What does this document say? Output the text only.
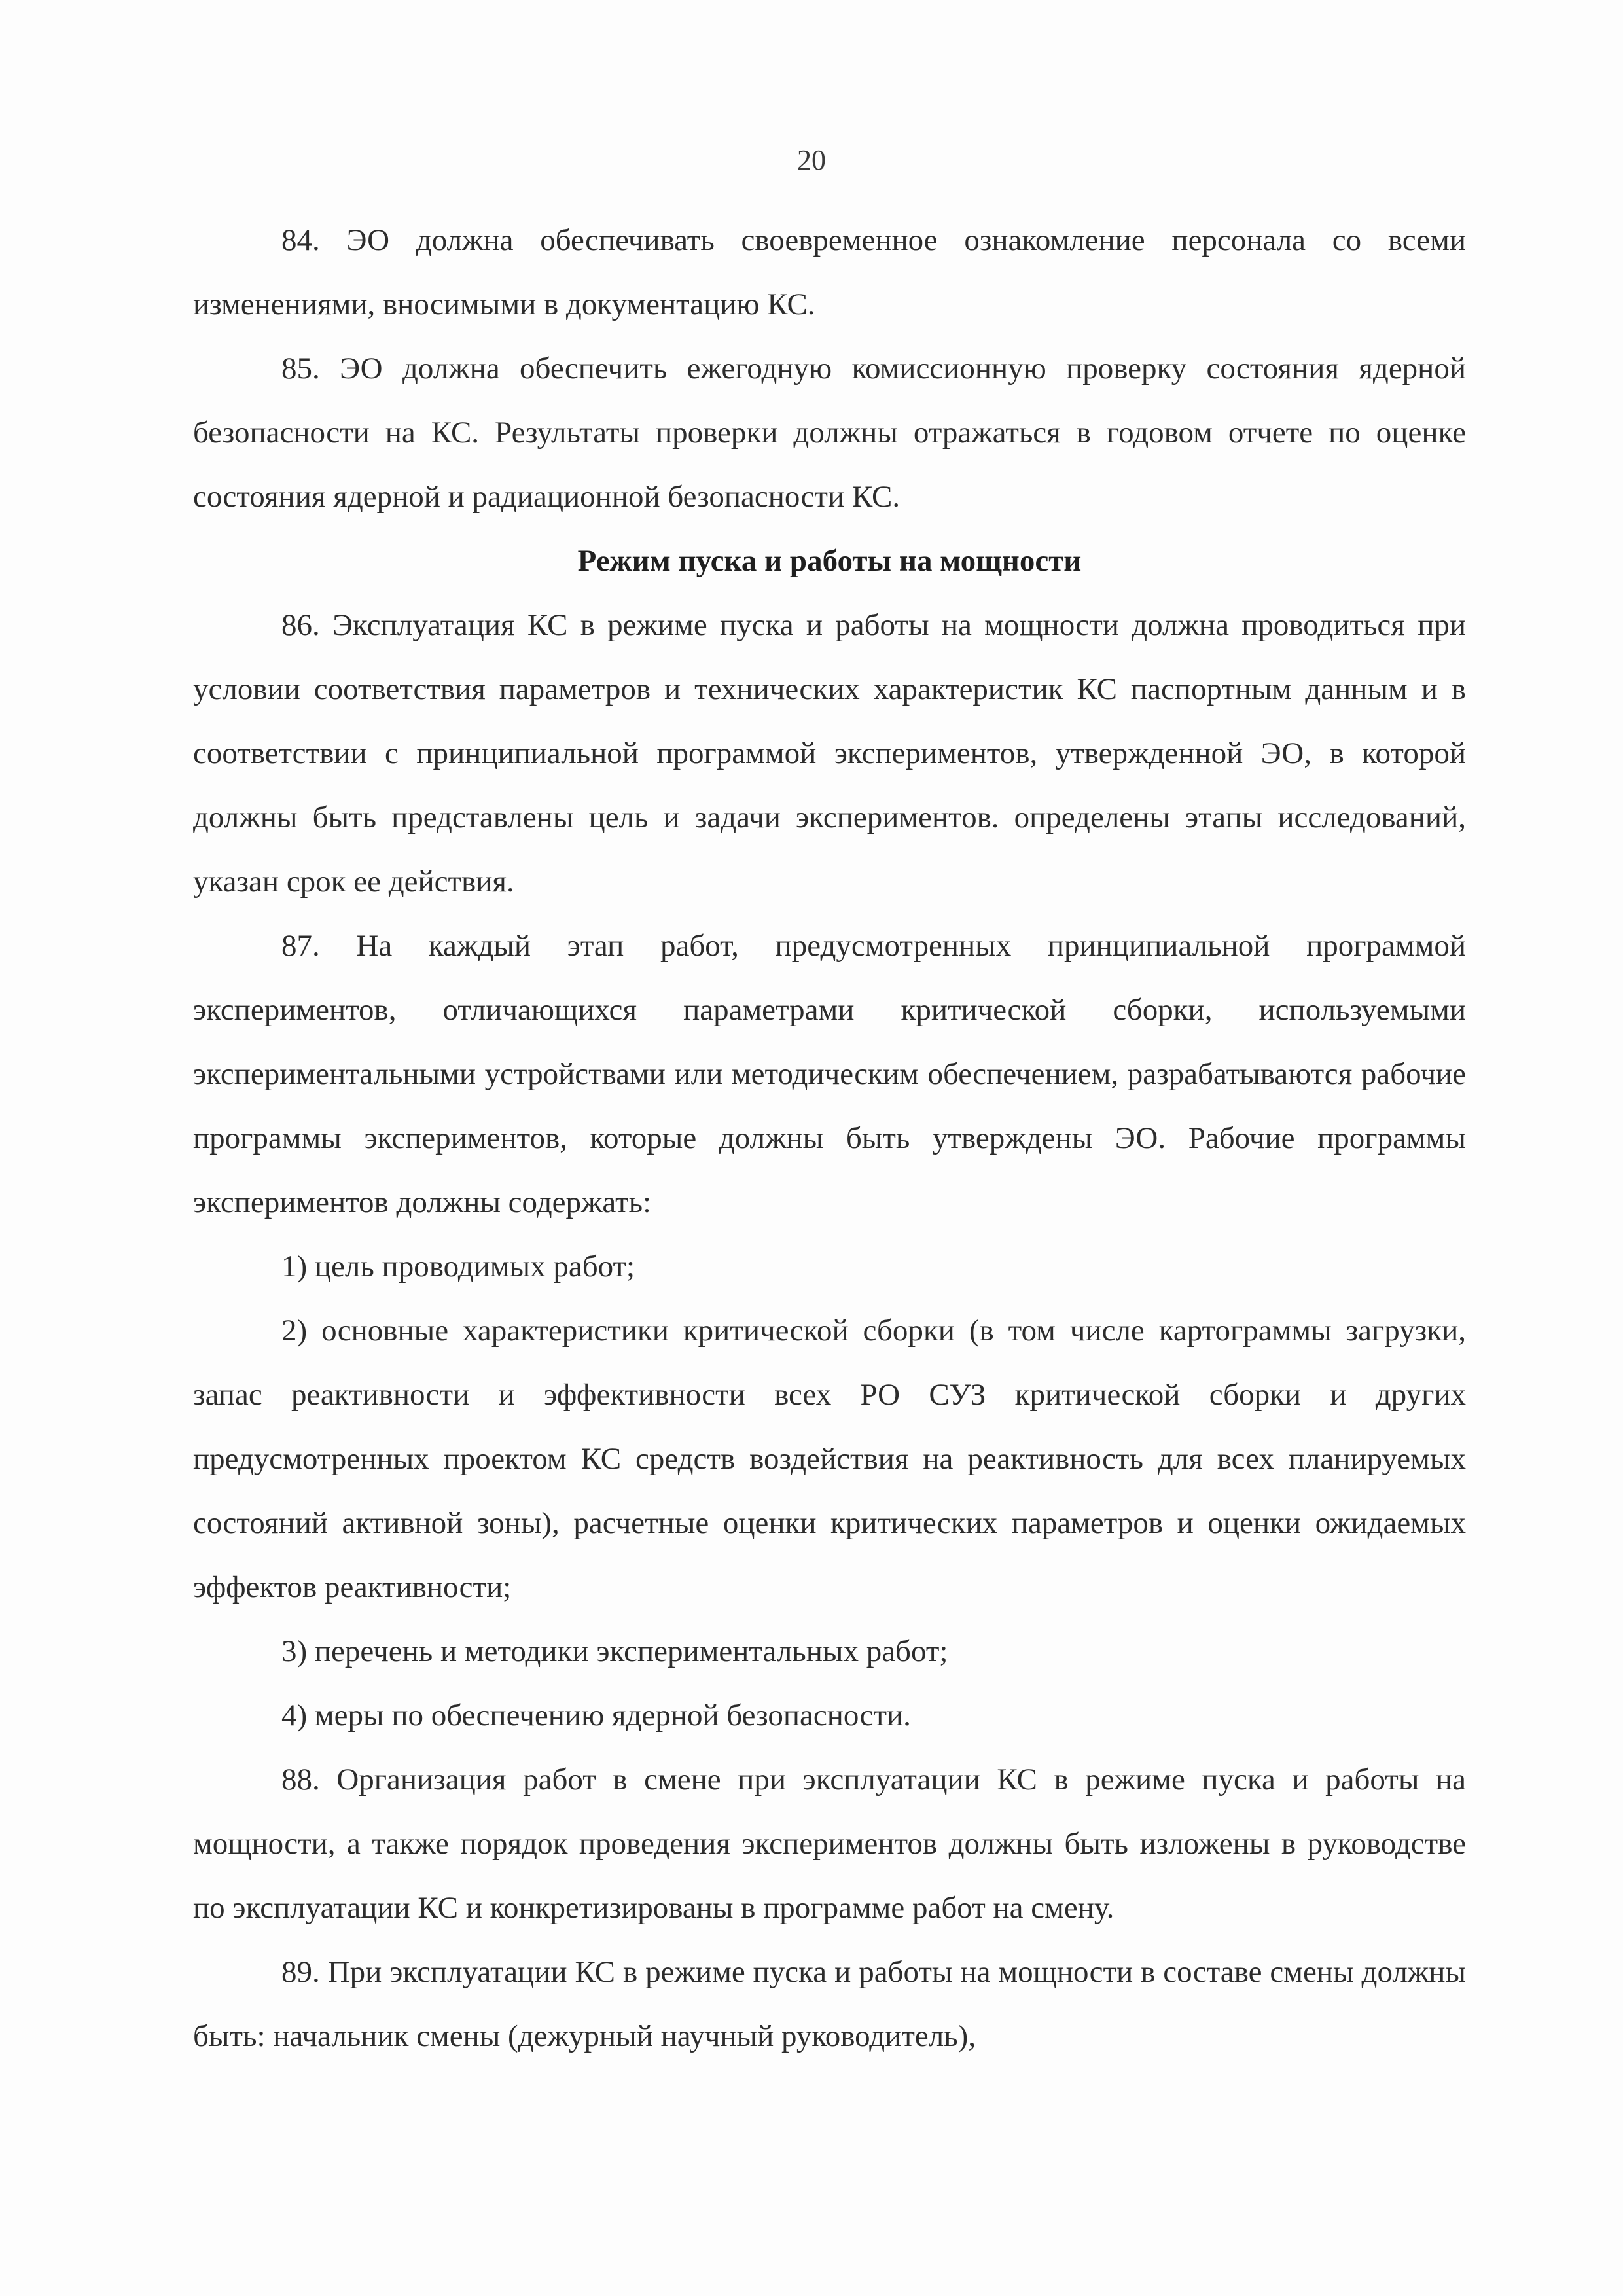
20

84. ЭО должна обеспечивать своевременное ознакомление персонала со всеми изменениями, вносимыми в документацию КС.

85. ЭО должна обеспечить ежегодную комиссионную проверку состояния ядерной безопасности на КС. Результаты проверки должны отражаться в годовом отчете по оценке состояния ядерной и радиационной безопасности КС.

Режим пуска и работы на мощности

86. Эксплуатация КС в режиме пуска и работы на мощности должна проводиться при условии соответствия параметров и технических характеристик КС паспортным данным и в соответствии с принципиальной программой экспериментов, утвержденной ЭО, в которой должны быть представлены цель и задачи экспериментов. определены этапы исследований, указан срок ее действия.

87. На каждый этап работ, предусмотренных принципиальной программой экспериментов, отличающихся параметрами критической сборки, используемыми экспериментальными устройствами или методическим обеспечением, разрабатываются рабочие программы экспериментов, которые должны быть утверждены ЭО. Рабочие программы экспериментов должны содержать:

1) цель проводимых работ;

2) основные характеристики критической сборки (в том числе картограммы загрузки, запас реактивности и эффективности всех РО СУЗ критической сборки и других предусмотренных проектом КС средств воздействия на реактивность для всех планируемых состояний активной зоны), расчетные оценки критических параметров и оценки ожидаемых эффектов реактивности;

3) перечень и методики экспериментальных работ;

4) меры по обеспечению ядерной безопасности.

88. Организация работ в смене при эксплуатации КС в режиме пуска и работы на мощности, а также порядок проведения экспериментов должны быть изложены в руководстве по эксплуатации КС и конкретизированы в программе работ на смену.

89. При эксплуатации КС в режиме пуска и работы на мощности в составе смены должны быть: начальник смены (дежурный научный руководитель),
